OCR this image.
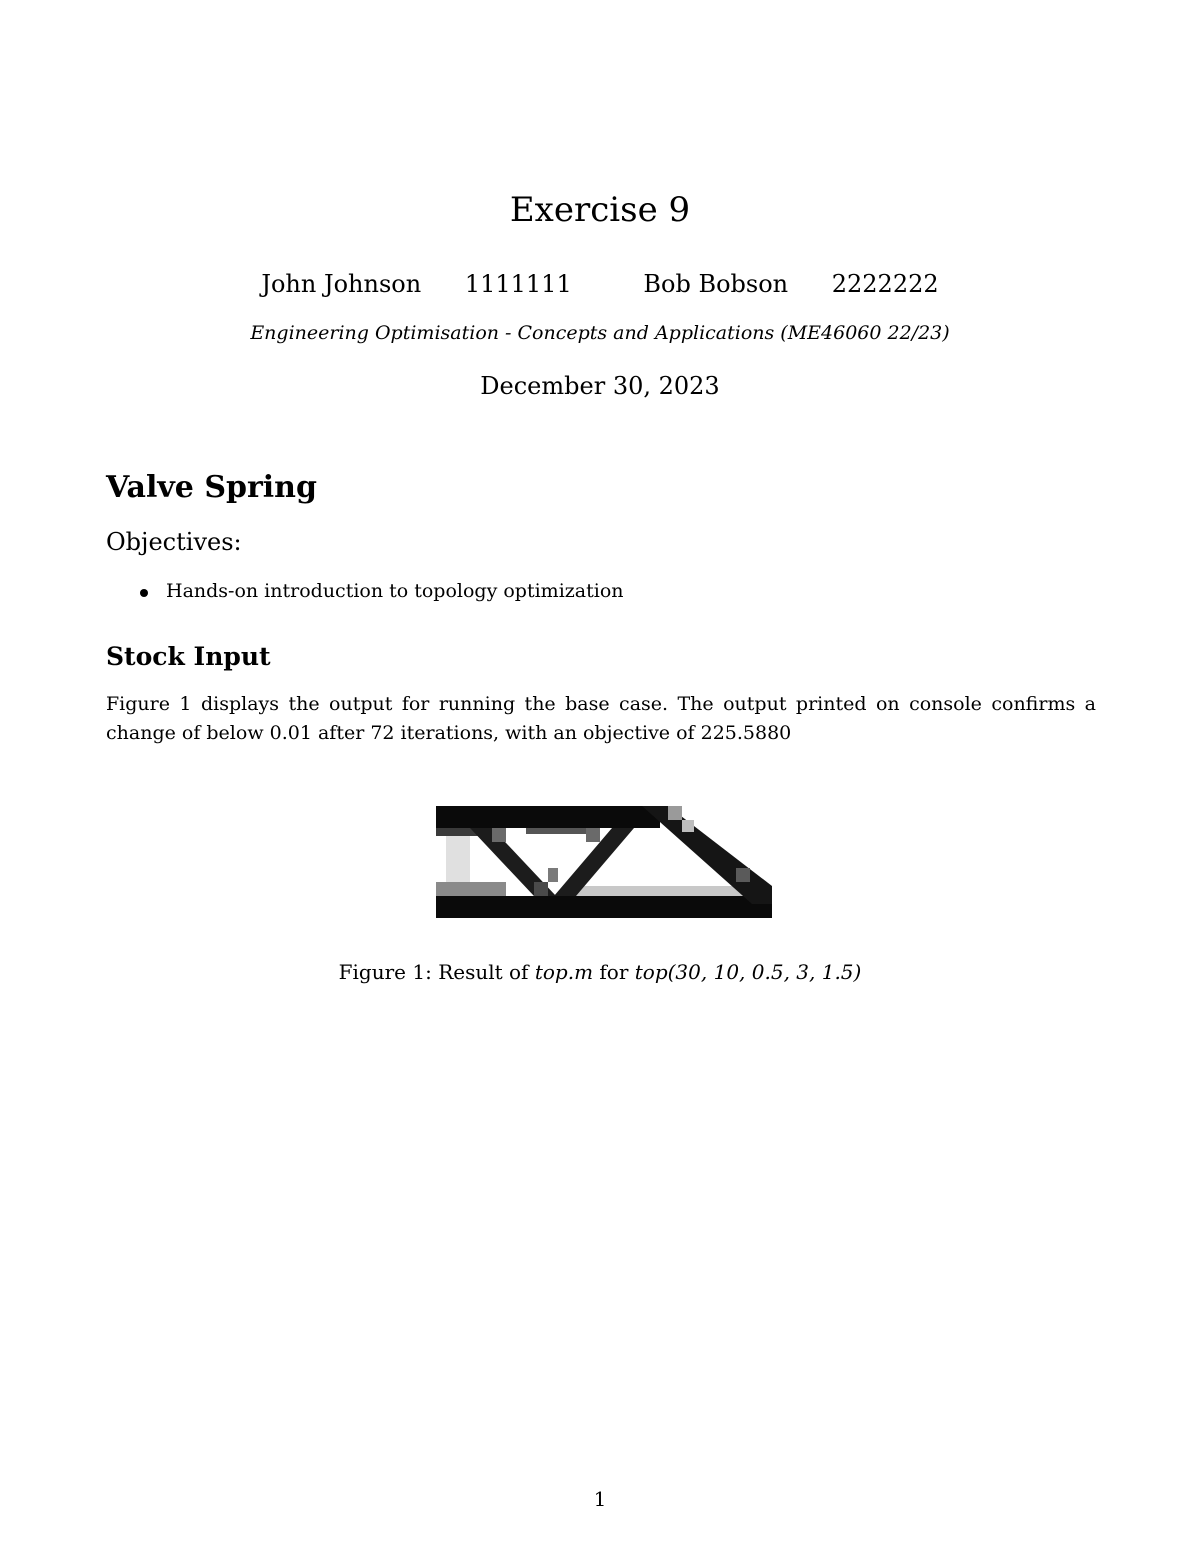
Exercise 9
John Johnson 1111111	Bob Bobson 2222222
Engineering Optimisation - Concepts and Applications (ME46060 22/23)
December 30, 2023
Valve Spring
Objectives:
Hands-on introduction to topology optimization
Stock Input

Figure 1 displays the output for running the base case. The output printed on console confirms a change of below 0.01 after 72 iterations, with an objective of 225.5880

Figure 1: Result of top.m for top(30, 10, 0.5, 3, 1.5)
1
